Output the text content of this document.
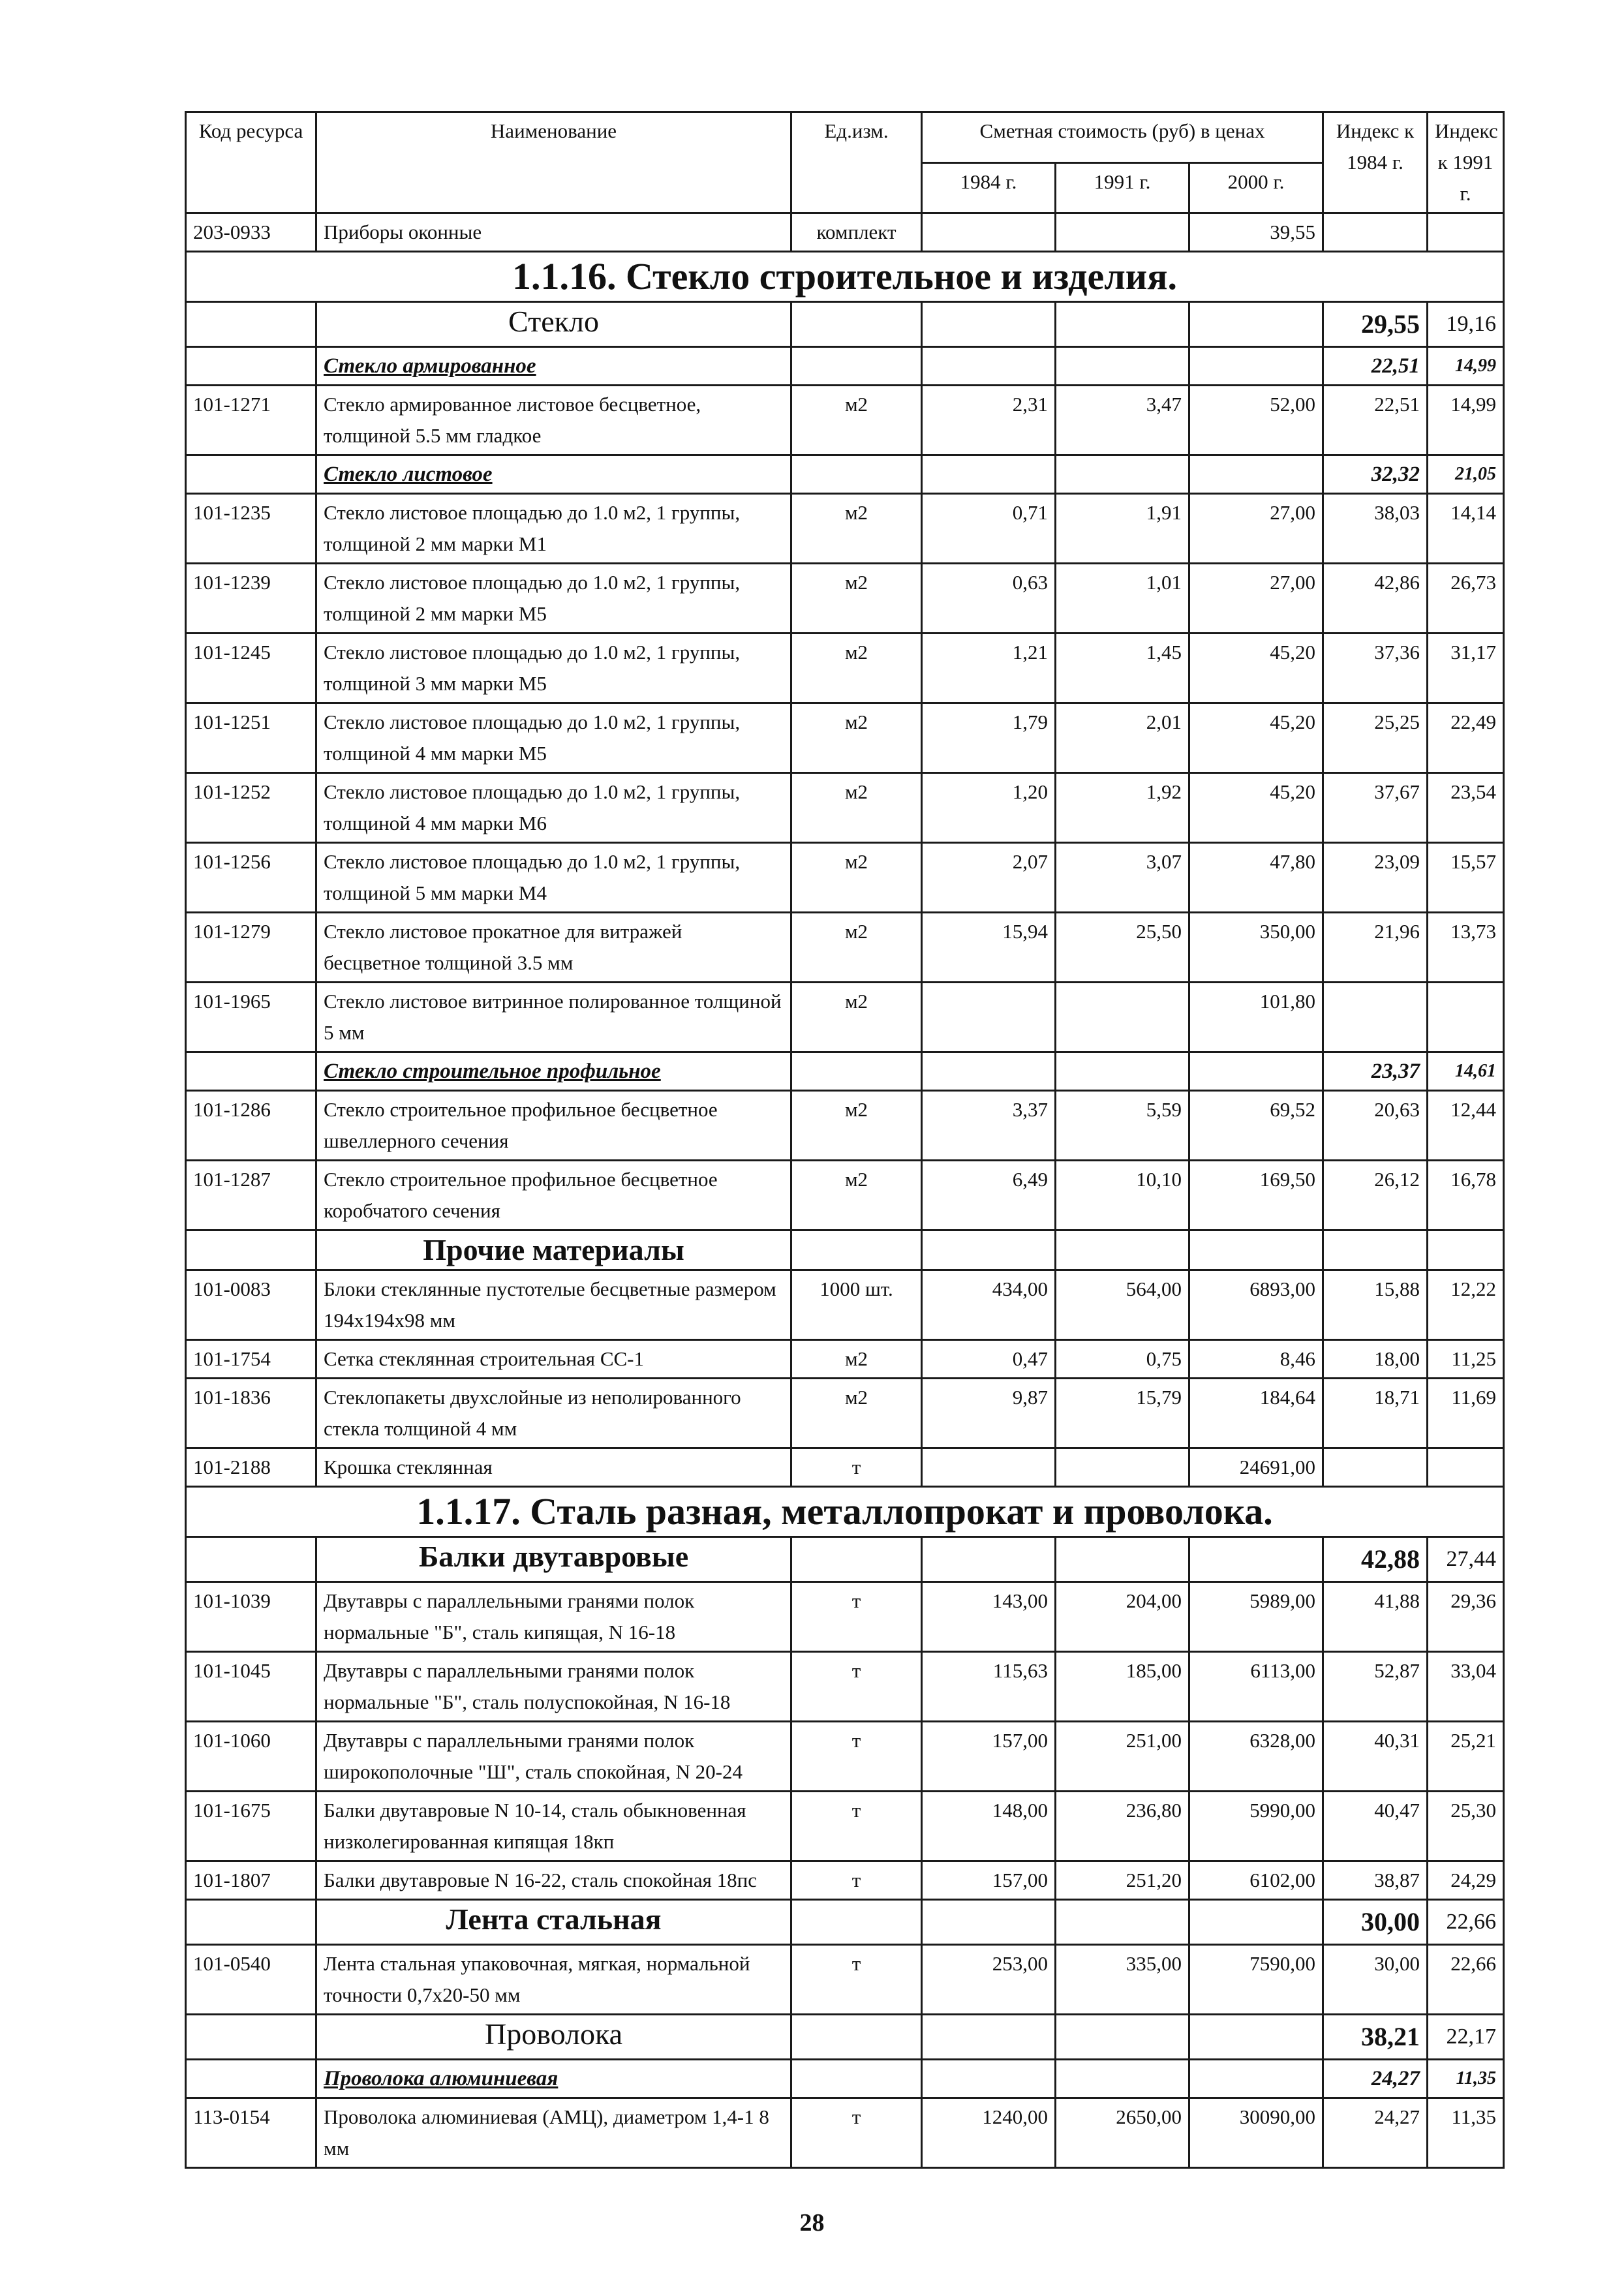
Код ресурса	Наименование	Ед.изм.	Сметная стоимость (руб) в ценах			Индекс к 1984 г.	Индекс к 1991 г.
			1984 г.	1991 г.	2000 г.		
203-0933	Приборы оконные	комплект			39,55		
1.1.16. Стекло строительное и изделия.							
	Стекло					29,55	19,16
	Стекло армированное					22,51	14,99
101-1271	Стекло армированное листовое бесцветное, толщиной 5.5 мм гладкое	м2	2,31	3,47	52,00	22,51	14,99
	Стекло листовое					32,32	21,05
101-1235	Стекло листовое площадью до 1.0 м2, 1 группы, толщиной 2 мм марки М1	м2	0,71	1,91	27,00	38,03	14,14
101-1239	Стекло листовое площадью до 1.0 м2, 1 группы, толщиной 2 мм марки М5	м2	0,63	1,01	27,00	42,86	26,73
101-1245	Стекло листовое площадью до 1.0 м2, 1 группы, толщиной 3 мм марки М5	м2	1,21	1,45	45,20	37,36	31,17
101-1251	Стекло листовое площадью до 1.0 м2, 1 группы, толщиной 4 мм марки М5	м2	1,79	2,01	45,20	25,25	22,49
101-1252	Стекло листовое площадью до 1.0 м2, 1 группы, толщиной 4 мм марки М6	м2	1,20	1,92	45,20	37,67	23,54
101-1256	Стекло листовое площадью до 1.0 м2, 1 группы, толщиной 5 мм марки М4	м2	2,07	3,07	47,80	23,09	15,57
101-1279	Стекло листовое прокатное для витражей бесцветное толщиной 3.5 мм	м2	15,94	25,50	350,00	21,96	13,73
101-1965	Стекло листовое витринное полированное толщиной 5 мм	м2			101,80		
	Стекло строительное профильное					23,37	14,61
101-1286	Стекло строительное профильное бесцветное швеллерного сечения	м2	3,37	5,59	69,52	20,63	12,44
101-1287	Стекло строительное профильное бесцветное коробчатого сечения	м2	6,49	10,10	169,50	26,12	16,78
	Прочие материалы						
101-0083	Блоки стеклянные пустотелые бесцветные размером 194х194х98 мм	1000 шт.	434,00	564,00	6893,00	15,88	12,22
101-1754	Сетка стеклянная строительная СС-1	м2	0,47	0,75	8,46	18,00	11,25
101-1836	Стеклопакеты двухслойные из неполированного стекла толщиной 4 мм	м2	9,87	15,79	184,64	18,71	11,69
101-2188	Крошка стеклянная	т			24691,00		
1.1.17. Сталь разная, металлопрокат и проволока.							
	Балки двутавровые					42,88	27,44
101-1039	Двутавры с параллельными гранями полок нормальные "Б", сталь кипящая, N 16-18	т	143,00	204,00	5989,00	41,88	29,36
101-1045	Двутавры с параллельными гранями полок нормальные "Б", сталь полуспокойная, N 16-18	т	115,63	185,00	6113,00	52,87	33,04
101-1060	Двутавры с параллельными гранями полок широкополочные "Ш", сталь спокойная, N 20-24	т	157,00	251,00	6328,00	40,31	25,21
101-1675	Балки двутавровые N 10-14, сталь обыкновенная низколегированная кипящая 18кп	т	148,00	236,80	5990,00	40,47	25,30
101-1807	Балки двутавровые N 16-22, сталь спокойная 18пс	т	157,00	251,20	6102,00	38,87	24,29
	Лента стальная					30,00	22,66
101-0540	Лента стальная упаковочная, мягкая, нормальной точности 0,7х20-50 мм	т	253,00	335,00	7590,00	30,00	22,66
	Проволока					38,21	22,17
	Проволока алюминиевая					24,27	11,35
113-0154	Проволока алюминиевая (АМЦ), диаметром 1,4-1 8 мм	т	1240,00	2650,00	30090,00	24,27	11,35
28
